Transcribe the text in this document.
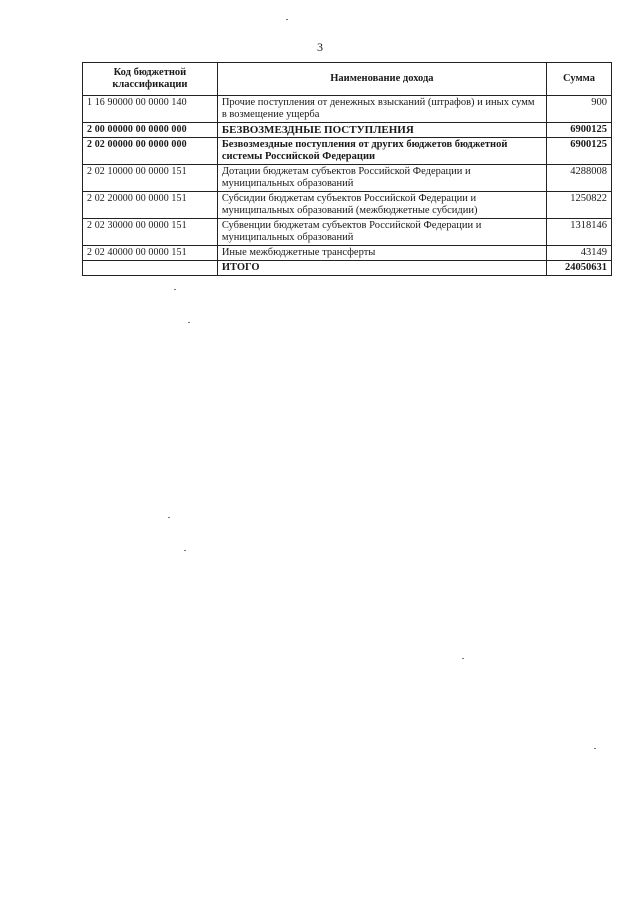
3
Код бюджетной классификации	Наименование дохода	Сумма
1 16 90000 00 0000 140	Прочие поступления от денежных взысканий (штрафов) и иных сумм в возмещение ущерба	900
2 00 00000 00 0000 000	БЕЗВОЗМЕЗДНЫЕ ПОСТУПЛЕНИЯ	6900125
2 02 00000 00 0000 000	Безвозмездные поступления от других бюджетов бюджетной системы Российской Федерации	6900125
2 02 10000 00 0000 151	Дотации бюджетам субъектов Российской Федерации и муниципальных образований	4288008
2 02 20000 00 0000 151	Субсидии бюджетам субъектов Российской Федерации и муниципальных образований (межбюджетные субсидии)	1250822
2 02 30000 00 0000 151	Субвенции бюджетам субъектов Российской Федерации и муниципальных образований	1318146
2 02 40000 00 0000 151	Иные межбюджетные трансферты	43149
	ИТОГО	24050631
